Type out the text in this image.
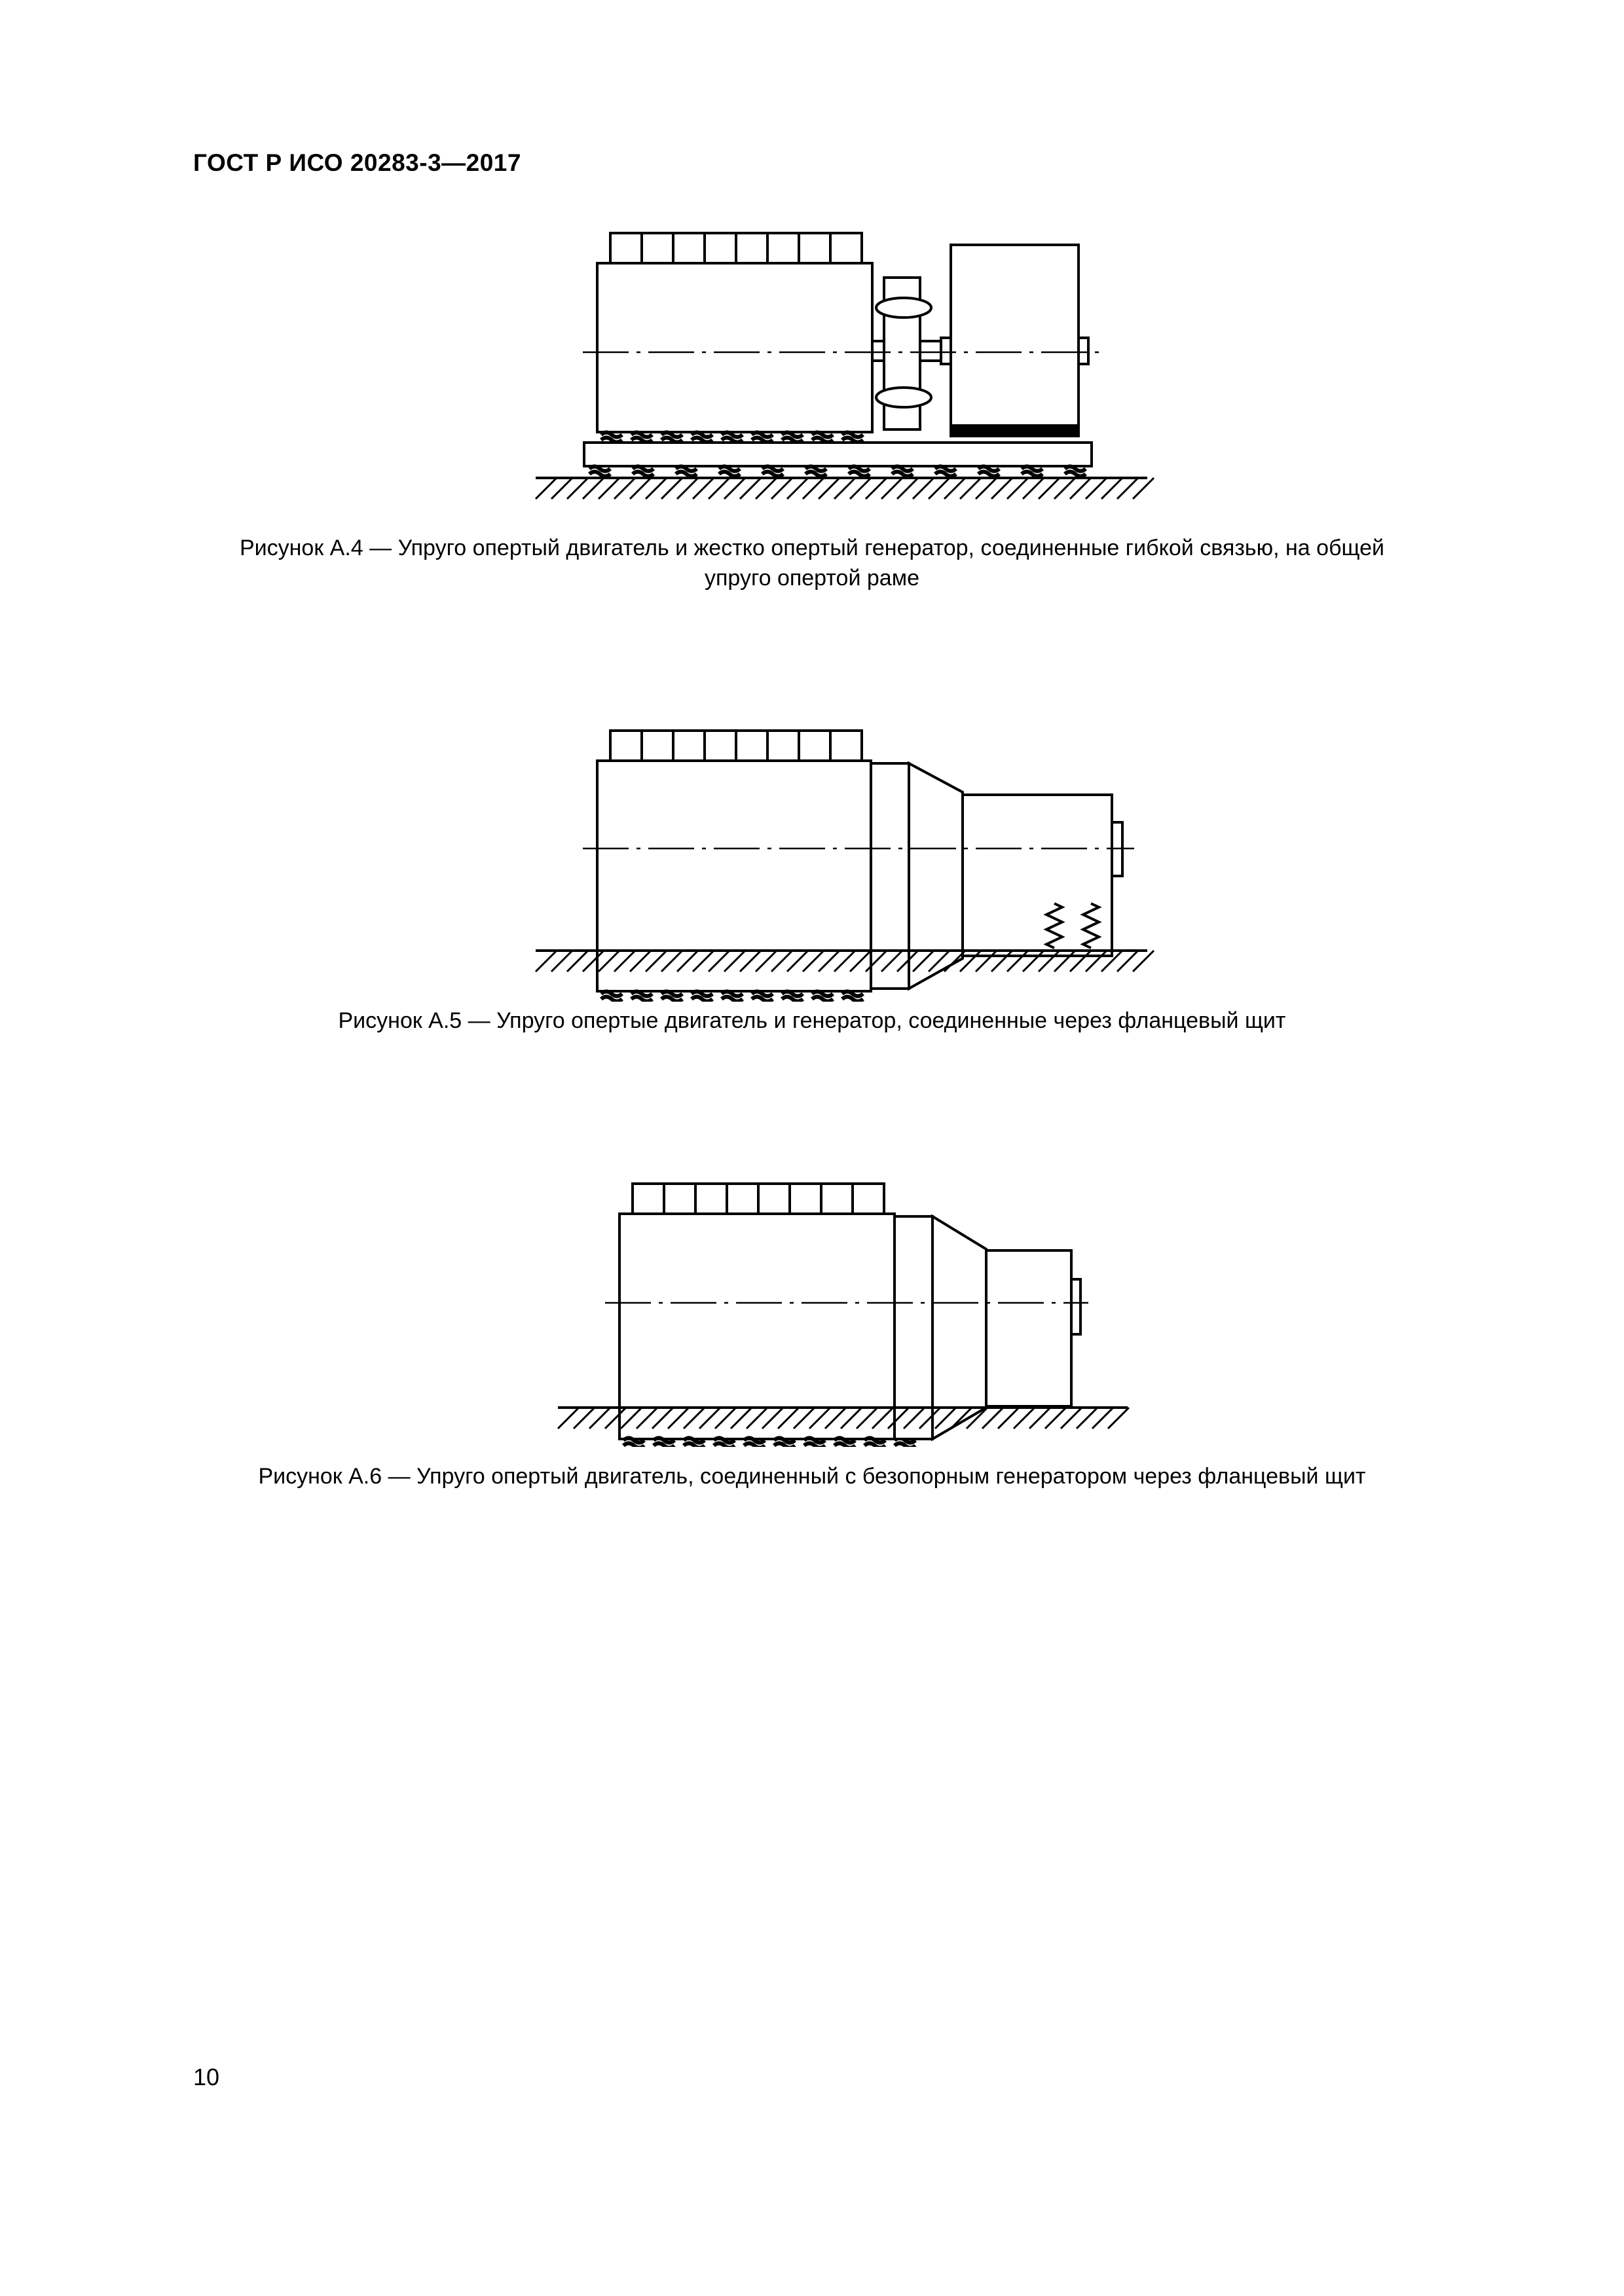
ГОСТ Р ИСО 20283-3—2017
Рисунок А.4 — Упруго опертый двигатель и жестко опертый генератор, соединенные гибкой связью, на общей
упруго опертой раме
Рисунок А.5 — Упруго опертые двигатель и генератор, соединенные через фланцевый щит
Рисунок А.6 — Упруго опертый двигатель, соединенный с безопорным генератором через фланцевый щит
10
